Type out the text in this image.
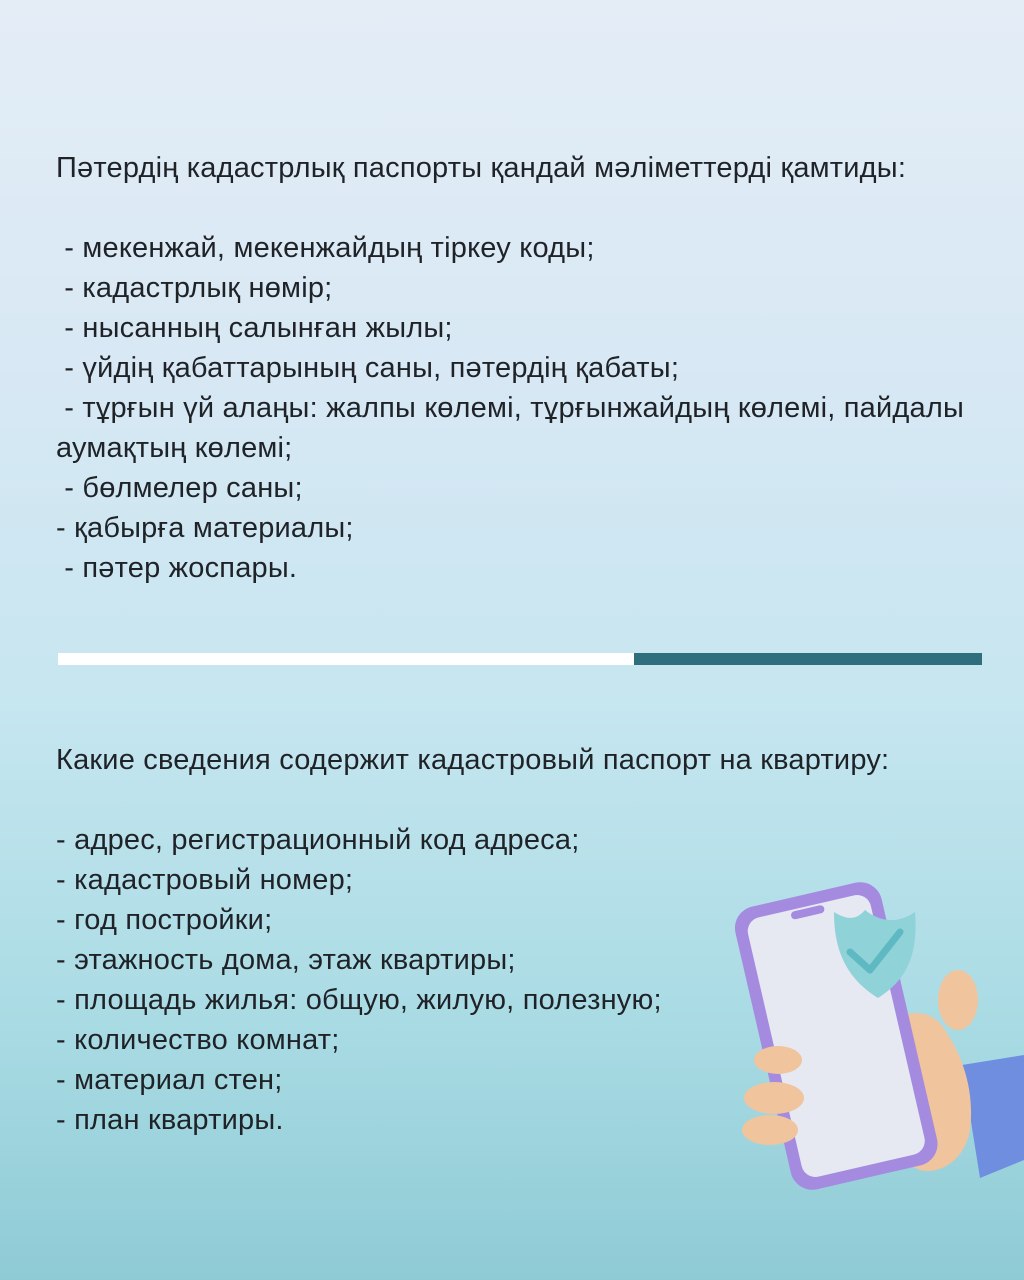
Пәтердің кадастрлық паспорты қандай мәліметтерді қамтиды:

- мекенжай, мекенжайдың тіркеу коды;
- кадастрлық нөмір;
- нысанның салынған жылы;
- үйдің қабаттарының саны, пәтердің қабаты;
- тұрғын үй алаңы: жалпы көлемі, тұрғынжайдың көлемі, пайдалы аумақтың көлемі;
- бөлмелер саны;
- қабырға материалы;
- пәтер жоспары.

Какие сведения содержит кадастровый паспорт на квартиру:

- адрес, регистрационный код адреса;
- кадастровый номер;
- год постройки;
- этажность дома, этаж квартиры;
- площадь жилья: общую, жилую, полезную;
- количество комнат;
- материал стен;
- план квартиры.
